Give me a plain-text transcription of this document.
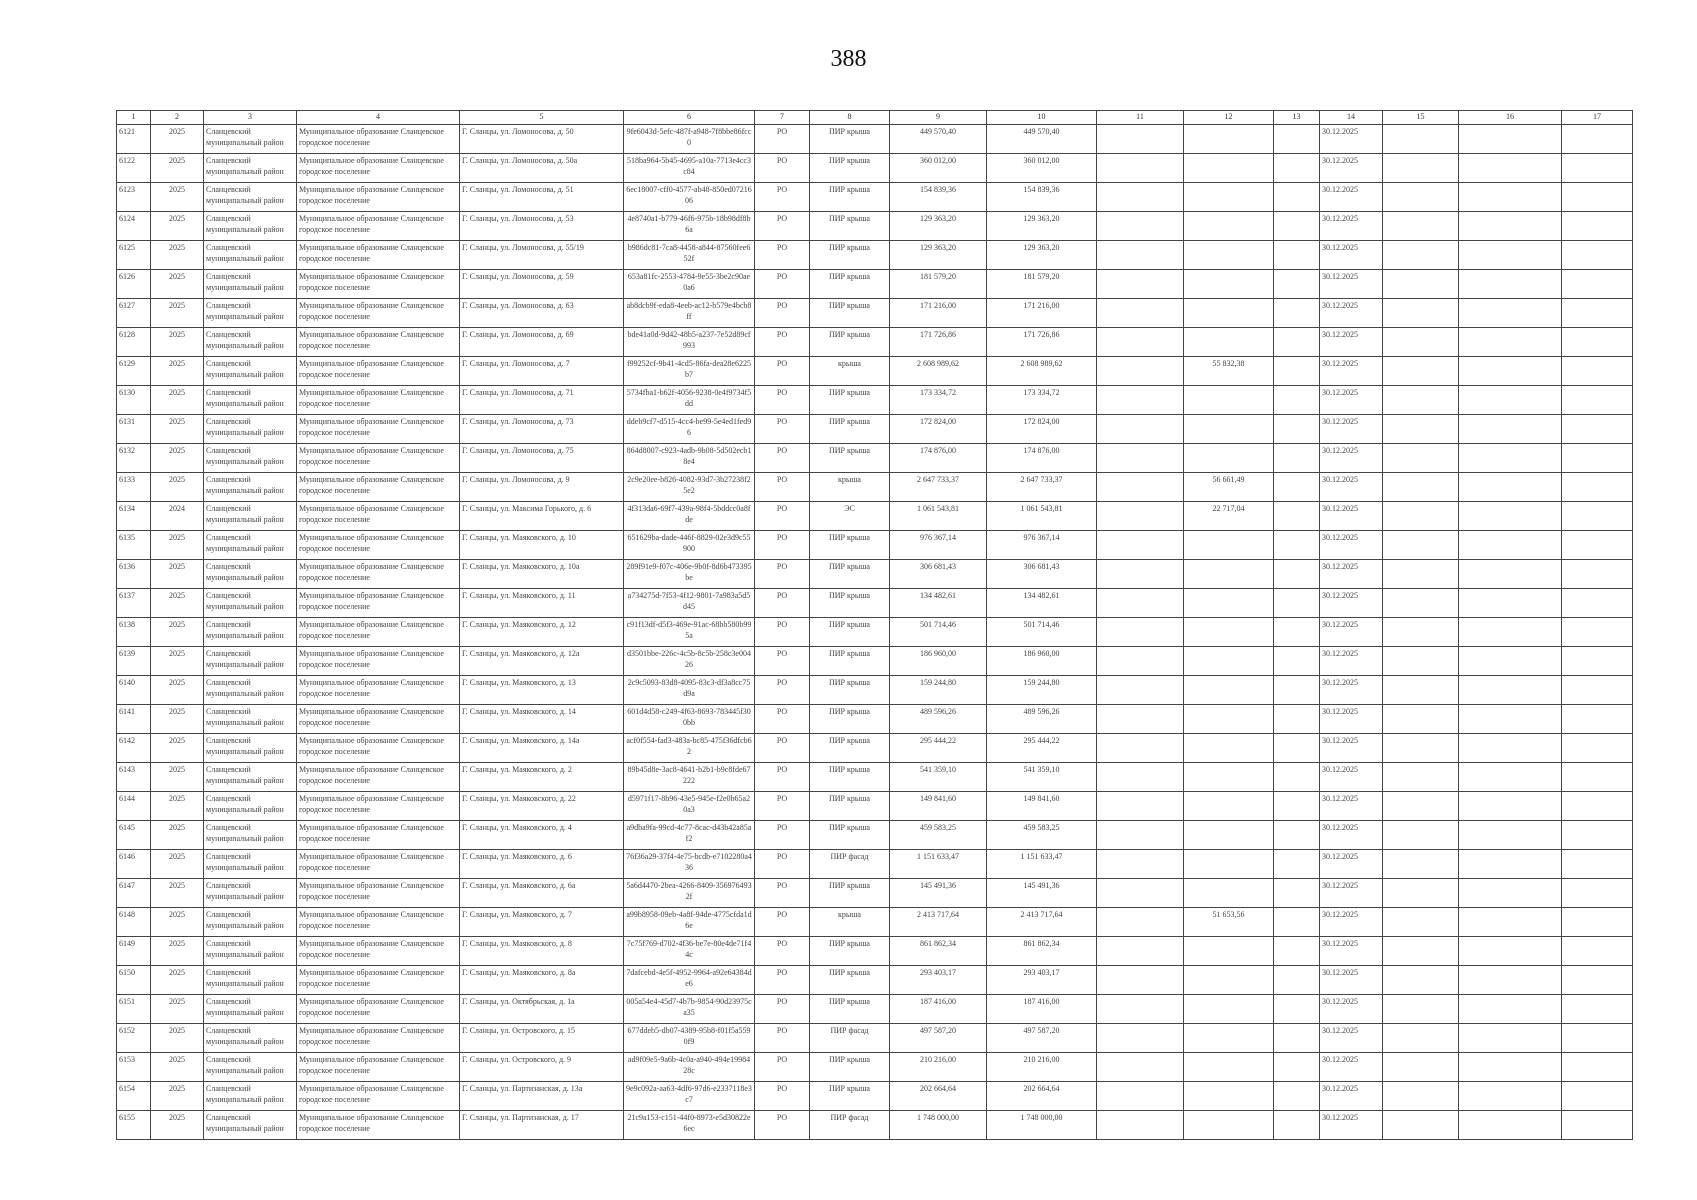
388
1	2	3	4	5	6	7	8	9	10	11	12	13	14	15	16	17
6121	2025	Сланцевский муниципальный район	Муниципальное образование Сланцевское городское поселение	Г. Сланцы, ул. Ломоносова, д. 50	9fe6043d-5efc-487f-a948-7f8bbe86fcc0	РО	ПИР крыша	449 570,40	449 570,40				30.12.2025			
6122	2025	Сланцевский муниципальный район	Муниципальное образование Сланцевское городское поселение	Г. Сланцы, ул. Ломоносова, д. 50а	518ba964-5b45-4695-a10a-7713e4cc3c84	РО	ПИР крыша	360 012,00	360 012,00				30.12.2025			
6123	2025	Сланцевский муниципальный район	Муниципальное образование Сланцевское городское поселение	Г. Сланцы, ул. Ломоносова, д. 51	6ec18007-cff0-4577-ab48-850ed0721606	РО	ПИР крыша	154 839,36	154 839,36				30.12.2025			
6124	2025	Сланцевский муниципальный район	Муниципальное образование Сланцевское городское поселение	Г. Сланцы, ул. Ломоносова, д. 53	4e8740a1-b779-46f6-975b-18b98df8b6a	РО	ПИР крыша	129 363,20	129 363,20				30.12.2025			
6125	2025	Сланцевский муниципальный район	Муниципальное образование Сланцевское городское поселение	Г. Сланцы, ул. Ломоносова, д. 55/19	b986dc81-7ca8-4458-a844-87560fee652f	РО	ПИР крыша	129 363,20	129 363,20				30.12.2025			
6126	2025	Сланцевский муниципальный район	Муниципальное образование Сланцевское городское поселение	Г. Сланцы, ул. Ломоносова, д. 59	653a81fc-2553-4784-9e55-3be2c90ae0a6	РО	ПИР крыша	181 579,20	181 579,20				30.12.2025			
6127	2025	Сланцевский муниципальный район	Муниципальное образование Сланцевское городское поселение	Г. Сланцы, ул. Ломоносова, д. 63	ab8dcb9f-eda8-4eeb-ac12-b579e4bcb8ff	РО	ПИР крыша	171 216,00	171 216,00				30.12.2025			
6128	2025	Сланцевский муниципальный район	Муниципальное образование Сланцевское городское поселение	Г. Сланцы, ул. Ломоносова, д. 69	bde41a0d-9d42-48b5-a237-7e52d89cf993	РО	ПИР крыша	171 726,86	171 726,86				30.12.2025			
6129	2025	Сланцевский муниципальный район	Муниципальное образование Сланцевское городское поселение	Г. Сланцы, ул. Ломоносова, д. 7	f99252cf-9b41-4cd5-86fa-dea28e6225b7	РО	крыша	2 608 989,62	2 608 989,62		55 832,38		30.12.2025			
6130	2025	Сланцевский муниципальный район	Муниципальное образование Сланцевское городское поселение	Г. Сланцы, ул. Ломоносова, д. 71	5734fba1-b62f-4056-9238-0e4f9734f5dd	РО	ПИР крыша	173 334,72	173 334,72				30.12.2025			
6131	2025	Сланцевский муниципальный район	Муниципальное образование Сланцевское городское поселение	Г. Сланцы, ул. Ломоносова, д. 73	ddeb9cf7-d515-4cc4-be99-5e4ed1fed96	РО	ПИР крыша	172 824,00	172 824,00				30.12.2025			
6132	2025	Сланцевский муниципальный район	Муниципальное образование Сланцевское городское поселение	Г. Сланцы, ул. Ломоносова, д. 75	864d8007-c923-4adb-9b08-5d502ecb18e4	РО	ПИР крыша	174 876,00	174 876,00				30.12.2025			
6133	2025	Сланцевский муниципальный район	Муниципальное образование Сланцевское городское поселение	Г. Сланцы, ул. Ломоносова, д. 9	2c9e20ee-b826-4082-93d7-3b27238f25e2	РО	крыша	2 647 733,37	2 647 733,37		56 661,49		30.12.2025			
6134	2024	Сланцевский муниципальный район	Муниципальное образование Сланцевское городское поселение	Г. Сланцы, ул. Максима Горького, д. 6	4f313da6-69f7-439a-98f4-5bddcc0a8fde	РО	ЭС	1 061 543,81	1 061 543,81		22 717,04		30.12.2025			
6135	2025	Сланцевский муниципальный район	Муниципальное образование Сланцевское городское поселение	Г. Сланцы, ул. Маяковского, д. 10	651629ba-dade-446f-8829-02e3d9c55900	РО	ПИР крыша	976 367,14	976 367,14				30.12.2025			
6136	2025	Сланцевский муниципальный район	Муниципальное образование Сланцевское городское поселение	Г. Сланцы, ул. Маяковского, д. 10а	289f91e9-f07c-406e-9b0f-8d6b473395be	РО	ПИР крыша	306 681,43	306 681,43				30.12.2025			
6137	2025	Сланцевский муниципальный район	Муниципальное образование Сланцевское городское поселение	Г. Сланцы, ул. Маяковского, д. 11	a734275d-7f53-4f12-9801-7a983a5d5d45	РО	ПИР крыша	134 482,61	134 482,61				30.12.2025			
6138	2025	Сланцевский муниципальный район	Муниципальное образование Сланцевское городское поселение	Г. Сланцы, ул. Маяковского, д. 12	c91f13df-d5f3-469e-91ac-68bb580b995a	РО	ПИР крыша	501 714,46	501 714,46				30.12.2025			
6139	2025	Сланцевский муниципальный район	Муниципальное образование Сланцевское городское поселение	Г. Сланцы, ул. Маяковского, д. 12а	d3501bbe-226c-4c5b-8c5b-258c3e00426	РО	ПИР крыша	186 960,00	186 960,00				30.12.2025			
6140	2025	Сланцевский муниципальный район	Муниципальное образование Сланцевское городское поселение	Г. Сланцы, ул. Маяковского, д. 13	2c9c5093-83d8-4095-83c3-df3a8cc75d9a	РО	ПИР крыша	159 244,80	159 244,80				30.12.2025			
6141	2025	Сланцевский муниципальный район	Муниципальное образование Сланцевское городское поселение	Г. Сланцы, ул. Маяковского, д. 14	601d4d58-c249-4f63-8693-783445f300bb	РО	ПИР крыша	489 596,26	489 596,26				30.12.2025			
6142	2025	Сланцевский муниципальный район	Муниципальное образование Сланцевское городское поселение	Г. Сланцы, ул. Маяковского, д. 14а	acf0f554-fad3-483a-bc85-475f36dfcb62	РО	ПИР крыша	295 444,22	295 444,22				30.12.2025			
6143	2025	Сланцевский муниципальный район	Муниципальное образование Сланцевское городское поселение	Г. Сланцы, ул. Маяковского, д. 2	89b45d8e-3ac8-4641-b2b1-b9c8fde67222	РО	ПИР крыша	541 359,10	541 359,10				30.12.2025			
6144	2025	Сланцевский муниципальный район	Муниципальное образование Сланцевское городское поселение	Г. Сланцы, ул. Маяковского, д. 22	d5971f17-8b96-43e5-945e-f2e0b65a20a3	РО	ПИР крыша	149 841,60	149 841,60				30.12.2025			
6145	2025	Сланцевский муниципальный район	Муниципальное образование Сланцевское городское поселение	Г. Сланцы, ул. Маяковского, д. 4	a9dba9fa-99cd-4c77-8cac-d43b42a85af2	РО	ПИР крыша	459 583,25	459 583,25				30.12.2025			
6146	2025	Сланцевский муниципальный район	Муниципальное образование Сланцевское городское поселение	Г. Сланцы, ул. Маяковского, д. 6	76f36a29-37f4-4e75-bcdb-e7102280a436	РО	ПИР фасад	1 151 633,47	1 151 633,47				30.12.2025			
6147	2025	Сланцевский муниципальный район	Муниципальное образование Сланцевское городское поселение	Г. Сланцы, ул. Маяковского, д. 6а	5a6d4470-2bea-4266-8409-356976493 2f	РО	ПИР крыша	145 491,36	145 491,36				30.12.2025			
6148	2025	Сланцевский муниципальный район	Муниципальное образование Сланцевское городское поселение	Г. Сланцы, ул. Маяковского, д. 7	a99b8958-09eb-4a8f-94de-4775cfda1d6e	РО	крыша	2 413 717,64	2 413 717,64		51 653,56		30.12.2025			
6149	2025	Сланцевский муниципальный район	Муниципальное образование Сланцевское городское поселение	Г. Сланцы, ул. Маяковского, д. 8	7c75f769-d702-4f36-be7e-80e4de71f44c	РО	ПИР крыша	861 862,34	861 862,34				30.12.2025			
6150	2025	Сланцевский муниципальный район	Муниципальное образование Сланцевское городское поселение	Г. Сланцы, ул. Маяковского, д. 8а	7dafcebd-4e5f-4952-9964-a92e64384de6	РО	ПИР крыша	293 403,17	293 403,17				30.12.2025			
6151	2025	Сланцевский муниципальный район	Муниципальное образование Сланцевское городское поселение	Г. Сланцы, ул. Октябрьская, д. 1а	005a54e4-45d7-4b7b-9854-90d23975ca35	РО	ПИР крыша	187 416,00	187 416,00				30.12.2025			
6152	2025	Сланцевский муниципальный район	Муниципальное образование Сланцевское городское поселение	Г. Сланцы, ул. Островского, д. 15	677ddeb5-db07-4389-95b8-f01f5a5590f9	РО	ПИР фасад	497 587,20	497 587,20				30.12.2025			
6153	2025	Сланцевский муниципальный район	Муниципальное образование Сланцевское городское поселение	Г. Сланцы, ул. Островского, д. 9	ad9f09e5-9a6b-4c0a-a940-494e1998428c	РО	ПИР крыша	210 216,00	210 216,00				30.12.2025			
6154	2025	Сланцевский муниципальный район	Муниципальное образование Сланцевское городское поселение	Г. Сланцы, ул. Партизанская, д. 13а	9e9c092a-aa63-4df6-97d6-e2337118e3c7	РО	ПИР крыша	202 664,64	202 664,64				30.12.2025			
6155	2025	Сланцевский муниципальный район	Муниципальное образование Сланцевское городское поселение	Г. Сланцы, ул. Партизанская, д. 17	21c9a153-c151-44f0-8973-e5d30822e6ec	РО	ПИР фасад	1 748 000,00	1 748 000,00				30.12.2025			
